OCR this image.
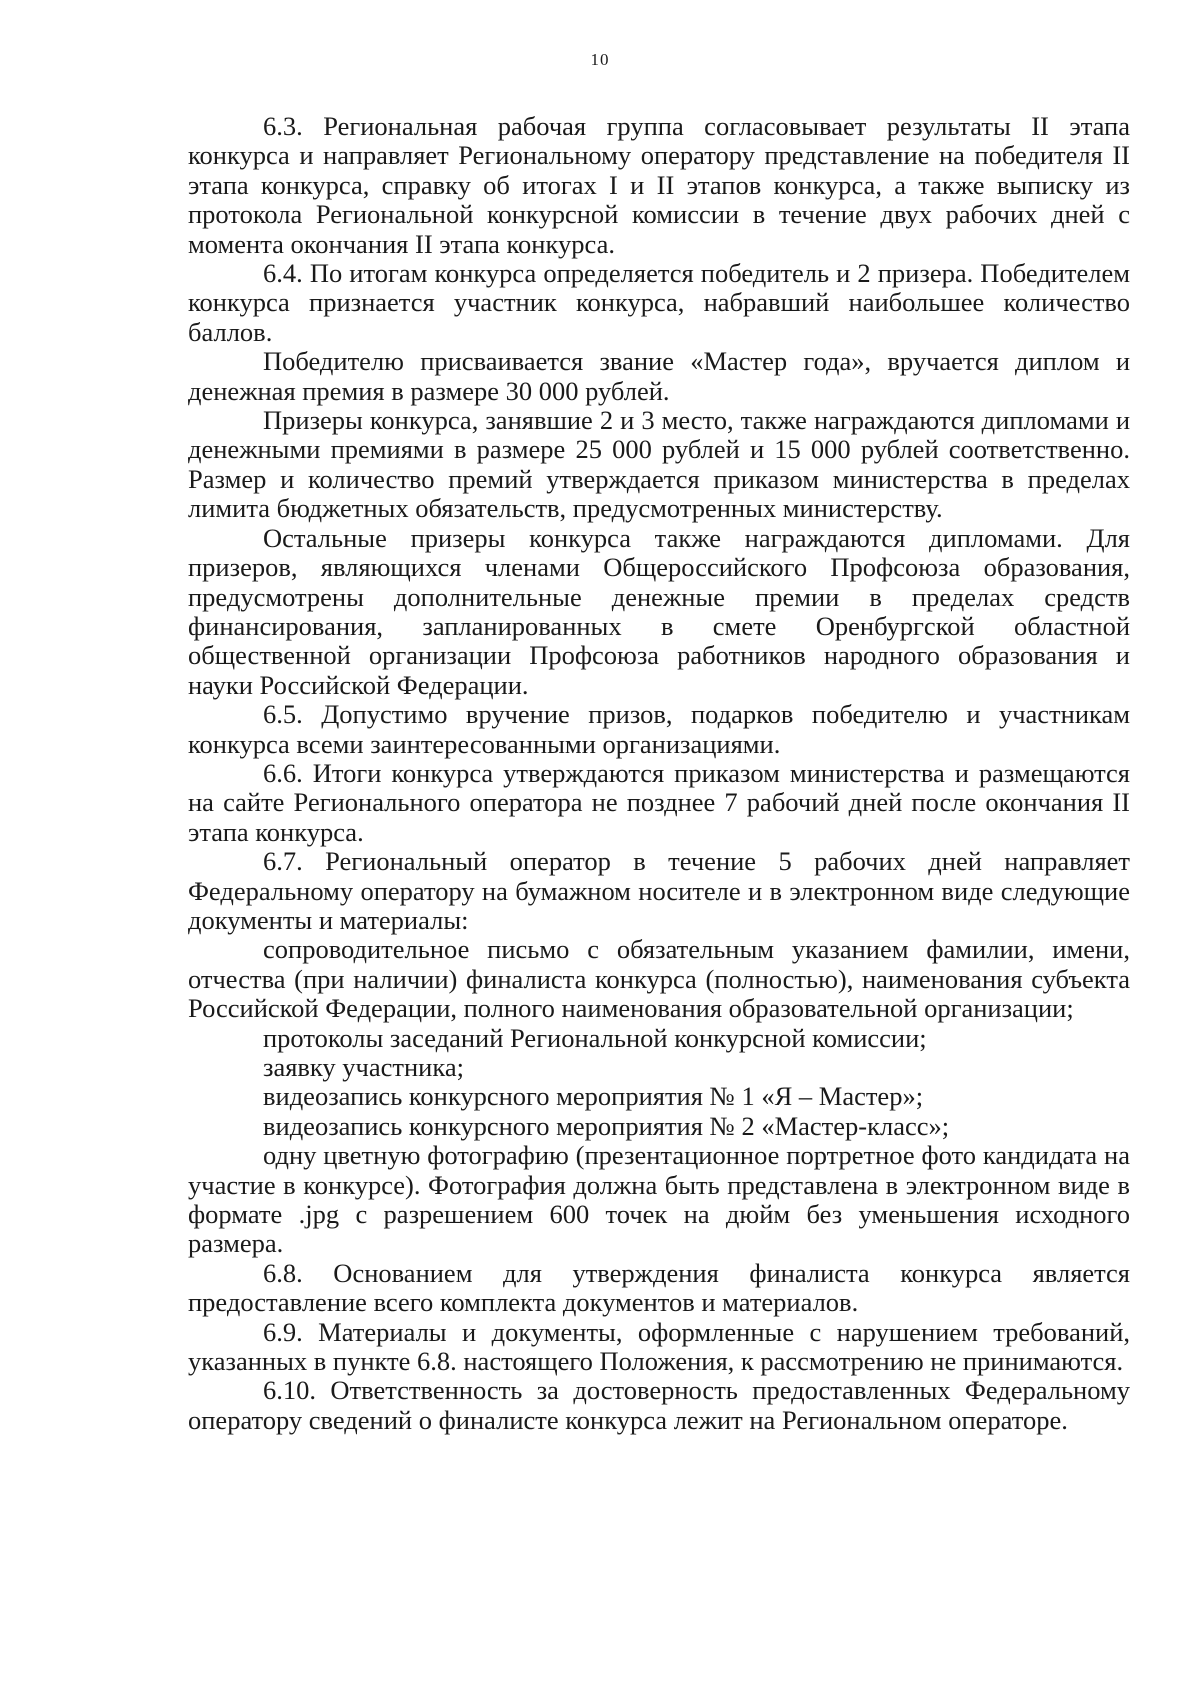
10

6.3. Региональная рабочая группа согласовывает результаты II этапа конкурса и направляет Региональному оператору представление на победителя II этапа конкурса, справку об итогах I и II этапов конкурса, а также выписку из протокола Региональной конкурсной комиссии в течение двух рабочих дней с момента окончания II этапа конкурса.

6.4. По итогам конкурса определяется победитель и 2 призера. Победителем конкурса признается участник конкурса, набравший наибольшее количество баллов.

Победителю присваивается звание «Мастер года», вручается диплом и денежная премия в размере 30 000 рублей.

Призеры конкурса, занявшие 2 и 3 место, также награждаются дипломами и денежными премиями в размере 25 000 рублей и 15 000 рублей соответственно. Размер и количество премий утверждается приказом министерства в пределах лимита бюджетных обязательств, предусмотренных министерству.

Остальные призеры конкурса также награждаются дипломами. Для призеров, являющихся членами Общероссийского Профсоюза образования, предусмотрены дополнительные денежные премии в пределах средств финансирования, запланированных в смете Оренбургской областной общественной организации Профсоюза работников народного образования и науки Российской Федерации.

6.5. Допустимо вручение призов, подарков победителю и участникам конкурса всеми заинтересованными организациями.

6.6. Итоги конкурса утверждаются приказом министерства и размещаются на сайте Регионального оператора не позднее 7 рабочий дней после окончания II этапа конкурса.

6.7. Региональный оператор в течение 5 рабочих дней направляет Федеральному оператору на бумажном носителе и в электронном виде следующие документы и материалы:

сопроводительное письмо с обязательным указанием фамилии, имени, отчества (при наличии) финалиста конкурса (полностью), наименования субъекта Российской Федерации, полного наименования образовательной организации;

протоколы заседаний Региональной конкурсной комиссии;

заявку участника;

видеозапись конкурсного мероприятия № 1 «Я – Мастер»;

видеозапись конкурсного мероприятия № 2 «Мастер-класс»;

одну цветную фотографию (презентационное портретное фото кандидата на участие в конкурсе). Фотография должна быть представлена в электронном виде в формате .jpg с разрешением 600 точек на дюйм без уменьшения исходного размера.

6.8. Основанием для утверждения финалиста конкурса является предоставление всего комплекта документов и материалов.

6.9. Материалы и документы, оформленные с нарушением требований, указанных в пункте 6.8. настоящего Положения, к рассмотрению не принимаются.

6.10. Ответственность за достоверность предоставленных Федеральному оператору сведений о финалисте конкурса лежит на Региональном операторе.
